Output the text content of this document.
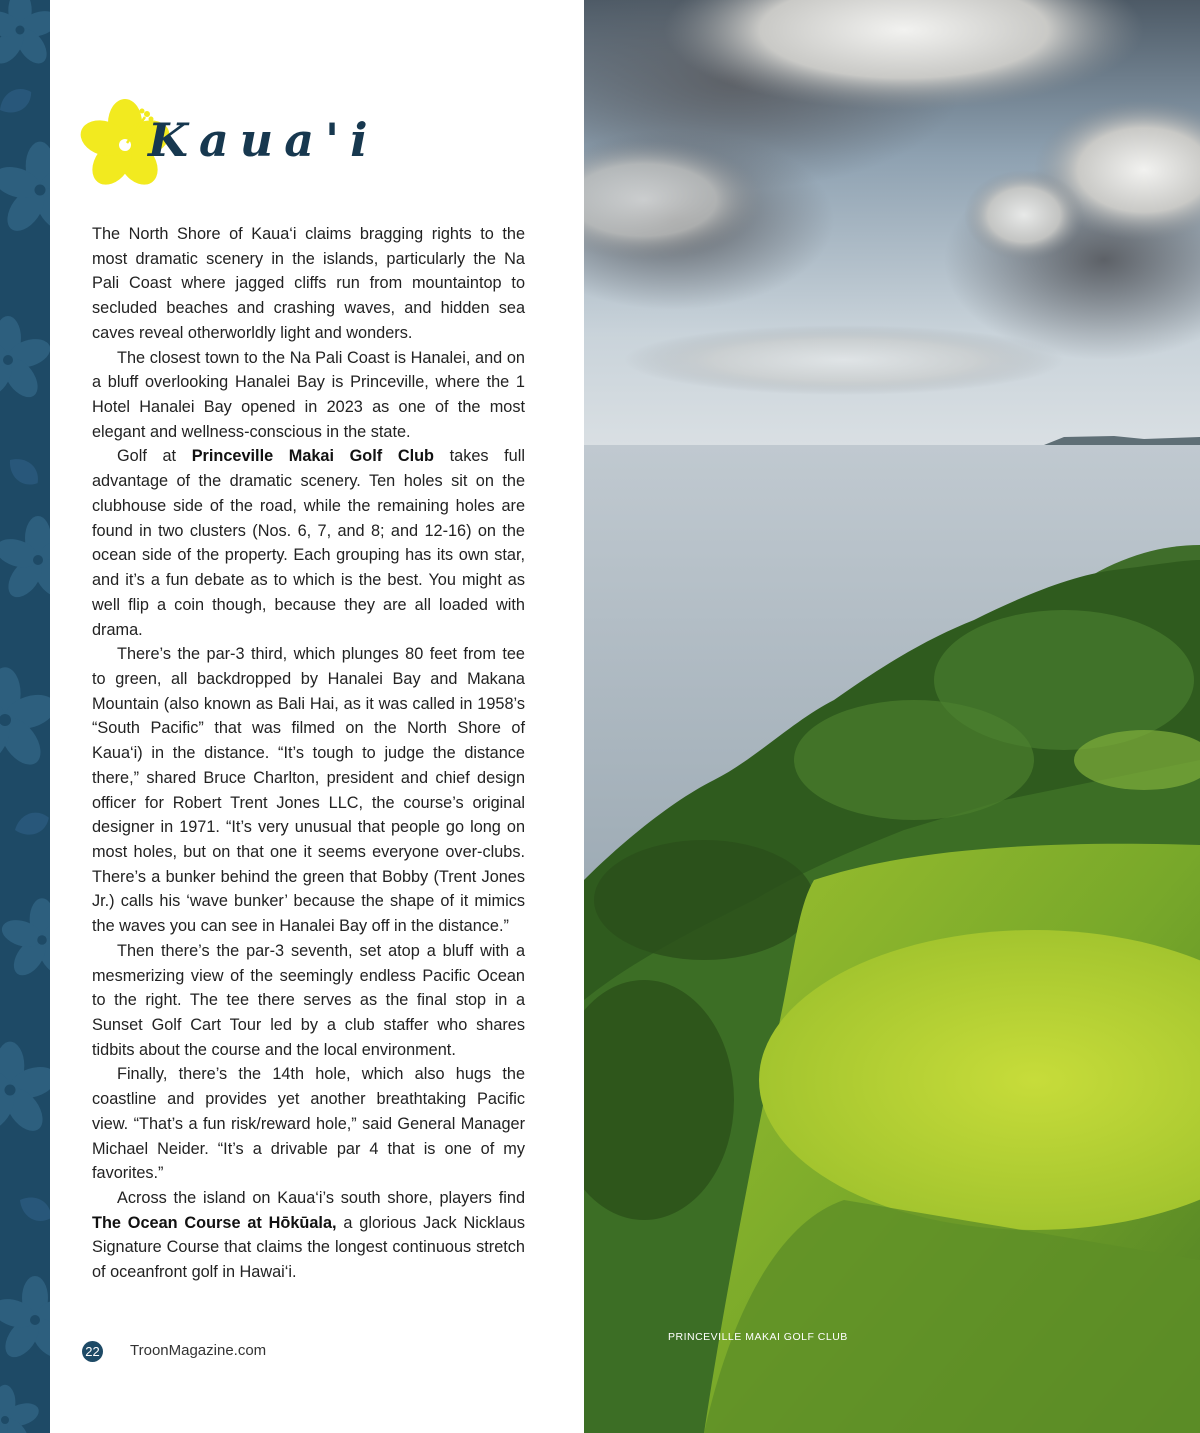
Kaua'i

The North Shore of Kaua‘i claims bragging rights to the most dramatic scenery in the islands, particularly the Na Pali Coast where jagged cliffs run from mountaintop to secluded beaches and crashing waves, and hidden sea caves reveal otherworldly light and wonders.

The closest town to the Na Pali Coast is Hanalei, and on a bluff overlooking Hanalei Bay is Princeville, where the 1 Hotel Hanalei Bay opened in 2023 as one of the most elegant and wellness-conscious in the state.

Golf at Princeville Makai Golf Club takes full advantage of the dramatic scenery. Ten holes sit on the clubhouse side of the road, while the remaining holes are found in two clusters (Nos. 6, 7, and 8; and 12-16) on the ocean side of the property. Each grouping has its own star, and it’s a fun debate as to which is the best. You might as well flip a coin though, because they are all loaded with drama.

There’s the par-3 third, which plunges 80 feet from tee to green, all backdropped by Hanalei Bay and Makana Mountain (also known as Bali Hai, as it was called in 1958’s “South Pacific” that was filmed on the North Shore of Kaua‘i) in the distance. “It’s tough to judge the distance there,” shared Bruce Charlton, president and chief design officer for Robert Trent Jones LLC, the course’s original designer in 1971. “It’s very unusual that people go long on most holes, but on that one it seems everyone over-clubs. There’s a bunker behind the green that Bobby (Trent Jones Jr.) calls his ‘wave bunker’ because the shape of it mimics the waves you can see in Hanalei Bay off in the distance.”

Then there’s the par-3 seventh, set atop a bluff with a mesmerizing view of the seemingly endless Pacific Ocean to the right. The tee there serves as the final stop in a Sunset Golf Cart Tour led by a club staffer who shares tidbits about the course and the local environment.

Finally, there’s the 14th hole, which also hugs the coastline and provides yet another breathtaking Pacific view. “That’s a fun risk/reward hole,” said General Manager Michael Neider. “It’s a drivable par 4 that is one of my favorites.”

Across the island on Kaua‘i’s south shore, players find The Ocean Course at Hōkūala, a glorious Jack Nicklaus Signature Course that claims the longest continuous stretch of oceanfront golf in Hawai‘i.

22 TroonMagazine.com
PRINCEVILLE MAKAI GOLF CLUB
